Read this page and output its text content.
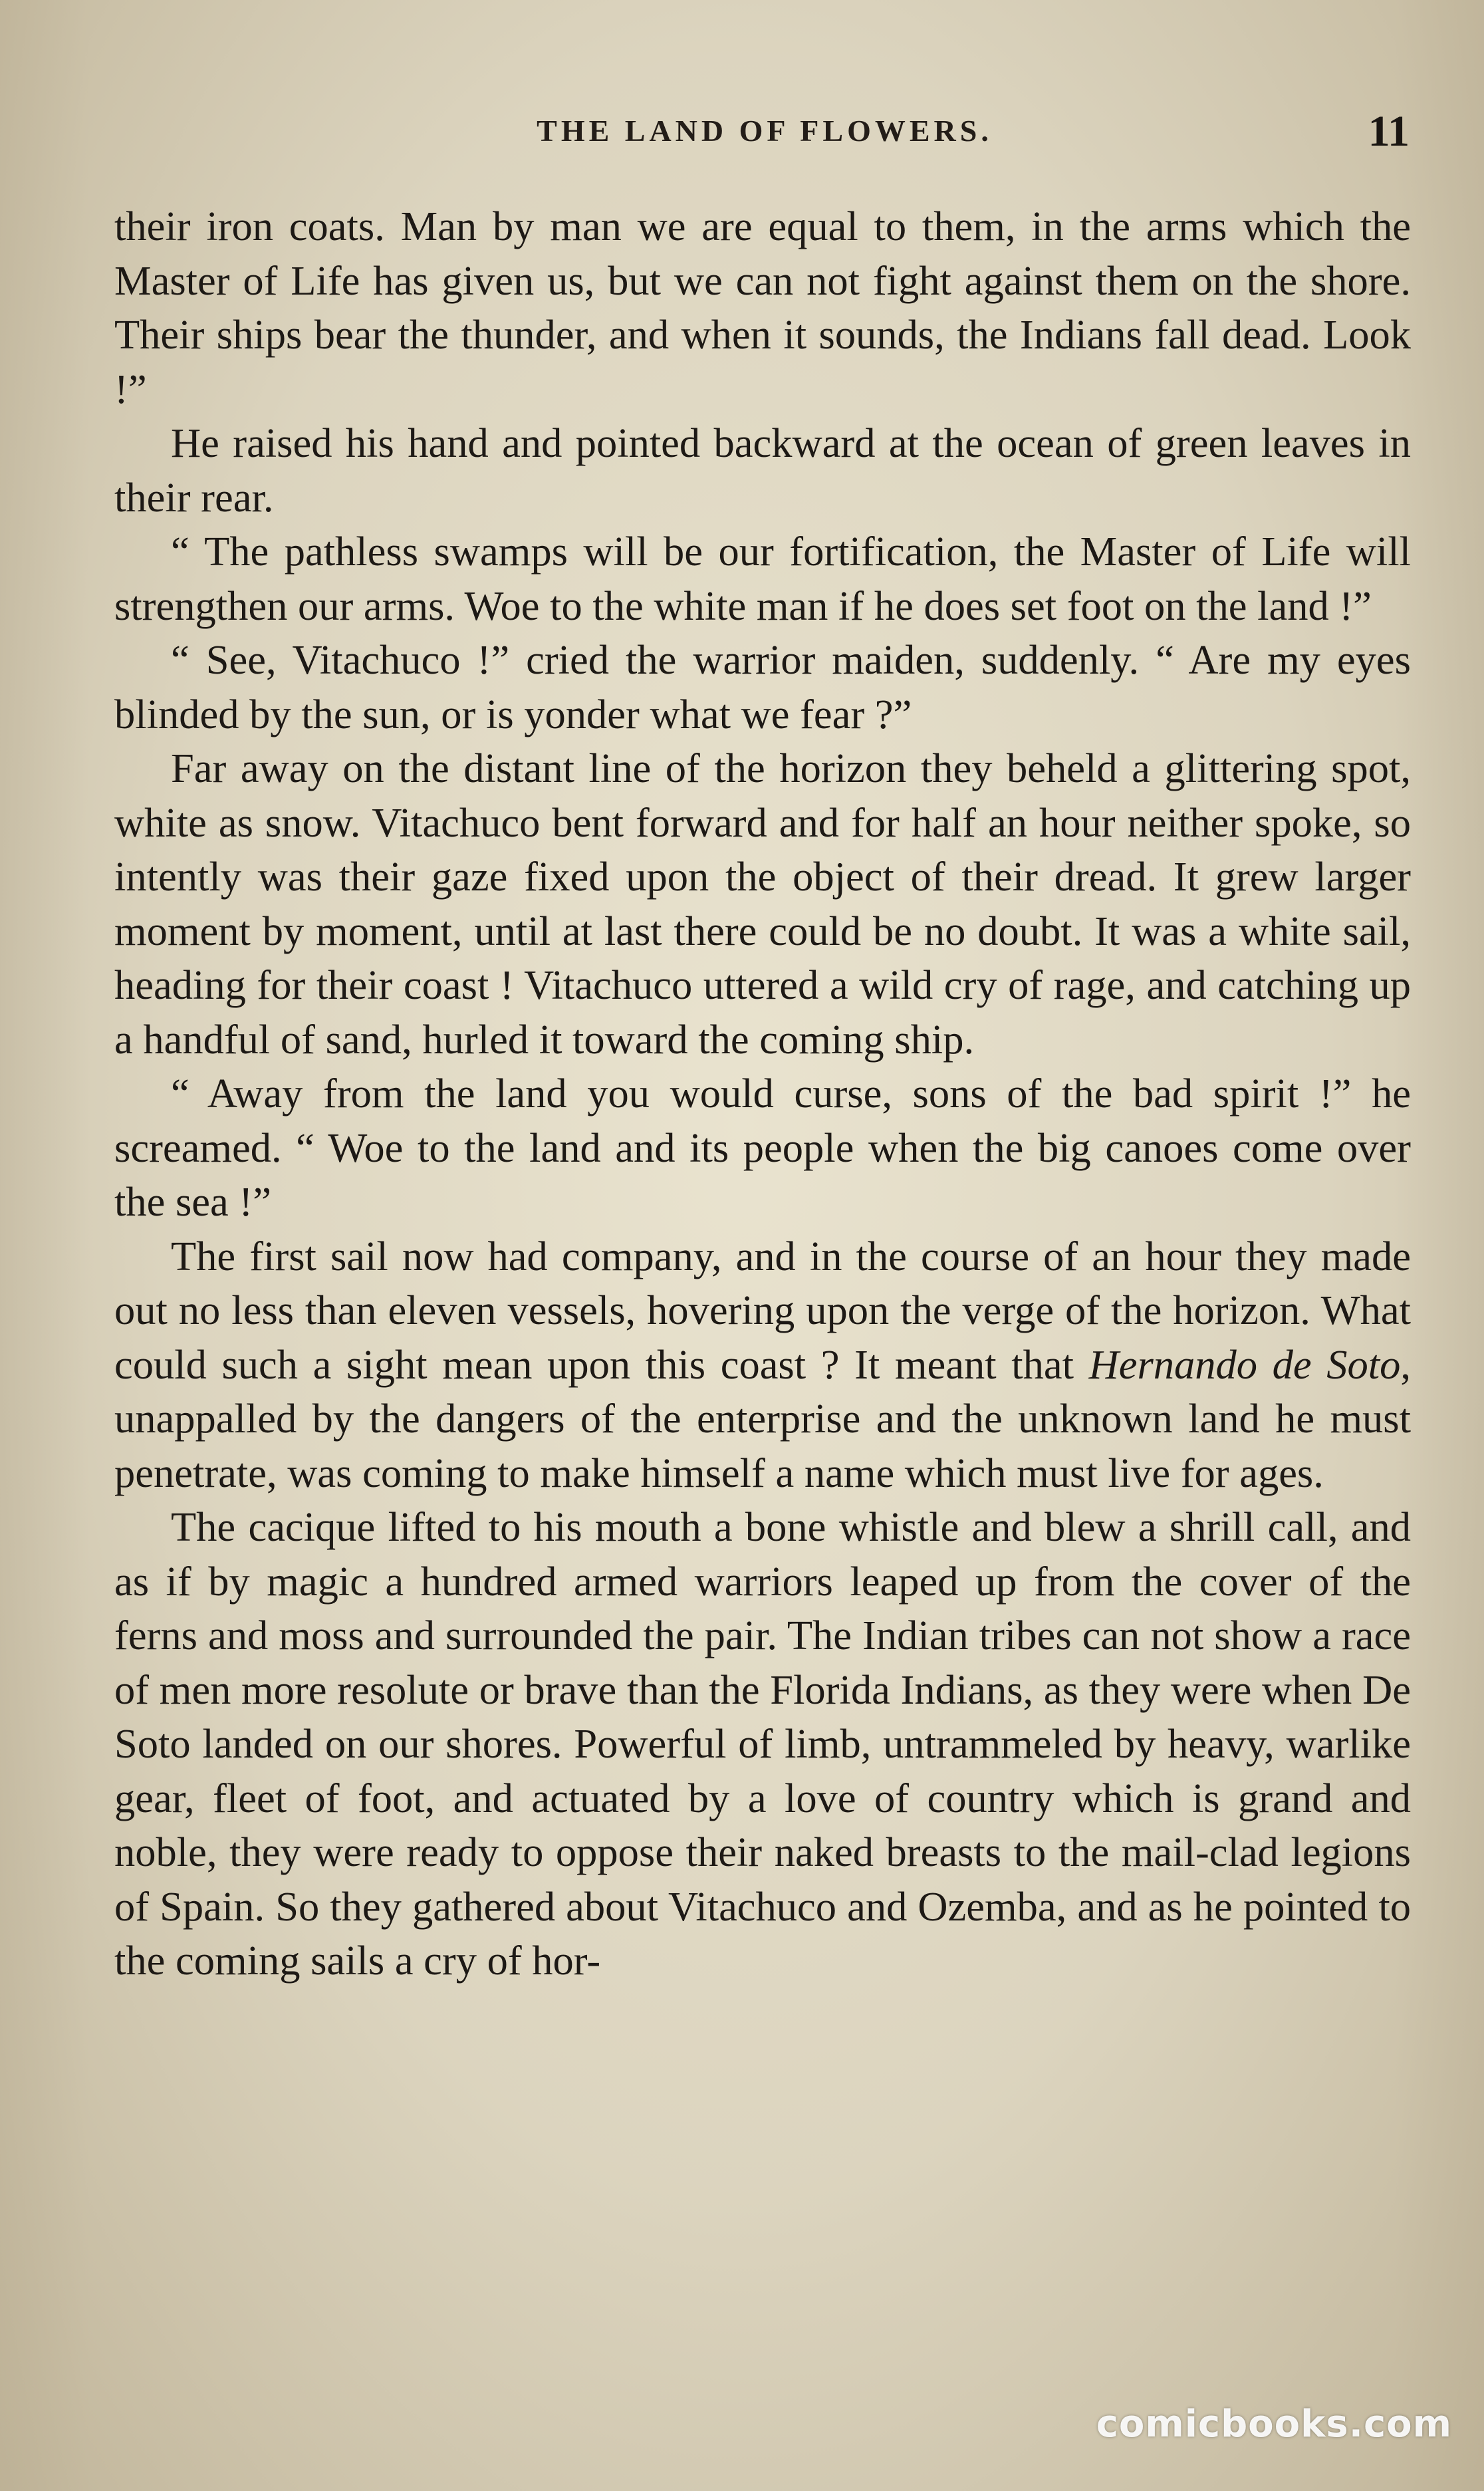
THE LAND OF FLOWERS.	11

their iron coats. Man by man we are equal to them, in the arms which the Master of Life has given us, but we can not fight against them on the shore. Their ships bear the thunder, and when it sounds, the Indians fall dead. Look !”

He raised his hand and pointed backward at the ocean of green leaves in their rear.

“ The pathless swamps will be our fortification, the Master of Life will strengthen our arms. Woe to the white man if he does set foot on the land !”

“ See, Vitachuco !” cried the warrior maiden, suddenly. “ Are my eyes blinded by the sun, or is yonder what we fear ?”

Far away on the distant line of the horizon they beheld a glittering spot, white as snow. Vitachuco bent forward and for half an hour neither spoke, so intently was their gaze fixed upon the object of their dread. It grew larger moment by moment, until at last there could be no doubt. It was a white sail, heading for their coast ! Vitachuco uttered a wild cry of rage, and catching up a handful of sand, hurled it toward the coming ship.

“ Away from the land you would curse, sons of the bad spirit !” he screamed. “ Woe to the land and its people when the big canoes come over the sea !”

The first sail now had company, and in the course of an hour they made out no less than eleven vessels, hovering upon the verge of the horizon. What could such a sight mean upon this coast ? It meant that Hernando de Soto, unappalled by the dangers of the enterprise and the unknown land he must penetrate, was coming to make himself a name which must live for ages.

The cacique lifted to his mouth a bone whistle and blew a shrill call, and as if by magic a hundred armed warriors leaped up from the cover of the ferns and moss and surrounded the pair. The Indian tribes can not show a race of men more resolute or brave than the Florida Indians, as they were when De Soto landed on our shores. Powerful of limb, untrammeled by heavy, warlike gear, fleet of foot, and actuated by a love of country which is grand and noble, they were ready to oppose their naked breasts to the mail-clad legions of Spain. So they gathered about Vitachuco and Ozemba, and as he pointed to the coming sails a cry of hor-

comicbooks.com
